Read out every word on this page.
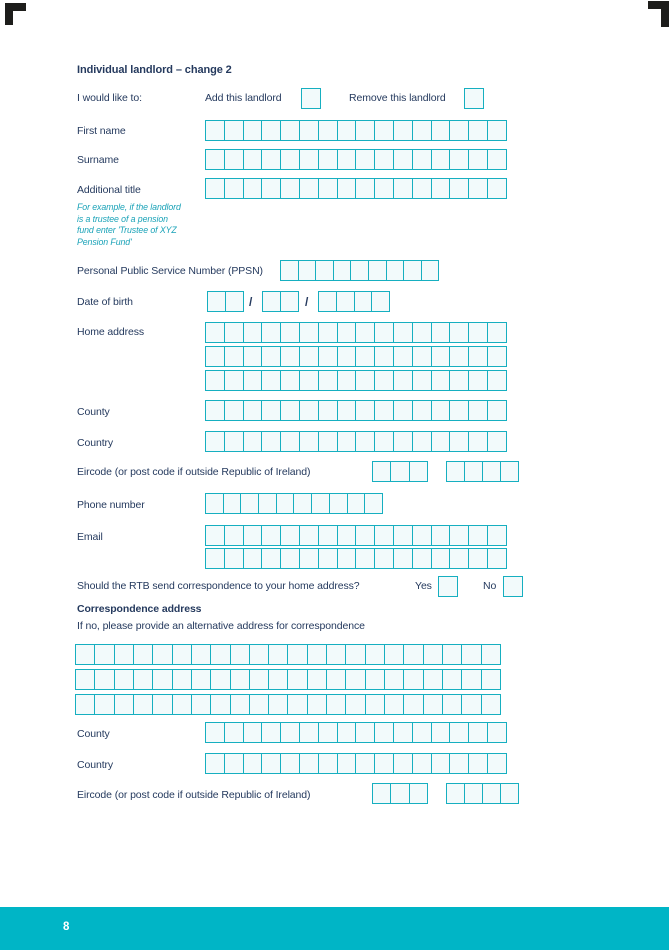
Individual landlord – change 2
I would like to:	Add this landlord	Remove this landlord
First name
Surname
Additional title
For example, if the landlord
is a trustee of a pension
fund enter 'Trustee of XYZ
Pension Fund'
Personal Public Service Number (PPSN)
Date of birth	/	/
Home address
County
Country
Eircode (or post code if outside Republic of Ireland)
Phone number
Email
Should the RTB send correspondence to your home address?	Yes	No
Correspondence address
If no, please provide an alternative address for correspondence
County
Country
Eircode (or post code if outside Republic of Ireland)
8
